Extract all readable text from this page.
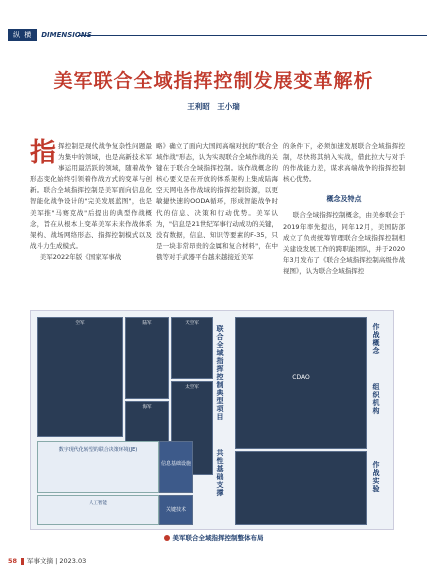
纵 横	DIMENSIONS
美军联合全域指挥控制发展变革解析
王利昭　王小瑞

指挥控制是现代战争复杂性问题最为集中的领域，也是高新技术军事运用最活跃的领域，随着战争形态变化始终引领着作战方式的变革与创新。联合全域指挥控制是美军面向信息化智能化战争设计的"完美发展蓝图"，也是美军推"马赛克战"后提出的典型作战概念，旨在从根本上变革美军未来作战体系架构、战场网络形态、指挥控制模式以及战斗力生成模式。

美军2022年版《国家军事战

略》确立了面向大国间高端对抗的"联合全域作战"形态，认为实现联合全域作战的关键在于联合全域指挥控制。该作战概念的核心要义是在开放的体系架构上集成陆海空天网电各作战域的指挥控制资源，以更敏捷快速的OODA循环，形成智能战争时代的信息、决策和行动优势。美军认为，"信息是21世纪军事行动成功的关键，没有数据，信息、知识等要素的F-35，只是一块非常昂贵的金属和复合材料"，在中俄等对手武器平台越来越接近美军

的条件下，必须加速发展联合全域指挥控制，尽快将其纳入实战，借此拉大与对手的作战能力差，谋求高端战争的指挥控制核心优势。

概念及特点

联合全域指挥控制概念，由美参联会于2019年率先提出，同年12月，美国防部成立了负责统筹管理联合全域指挥控制相关建设发展工作的跨职能团队，并于2020年3月发布了《联合全域指挥控制高级作战视图》，认为联合全域指挥控

空军	陆军
海军
天空军
太空军	联合全域指挥控制典型项目
数字现代化转型的联合决策环境(JE)
信息基础设施
人工智能
关键技术
共性基础支撑
CDAO
作战概念
组织机构
作战实验
美军联合全域指挥控制整体布局
58 军事文摘 | 2023.03
